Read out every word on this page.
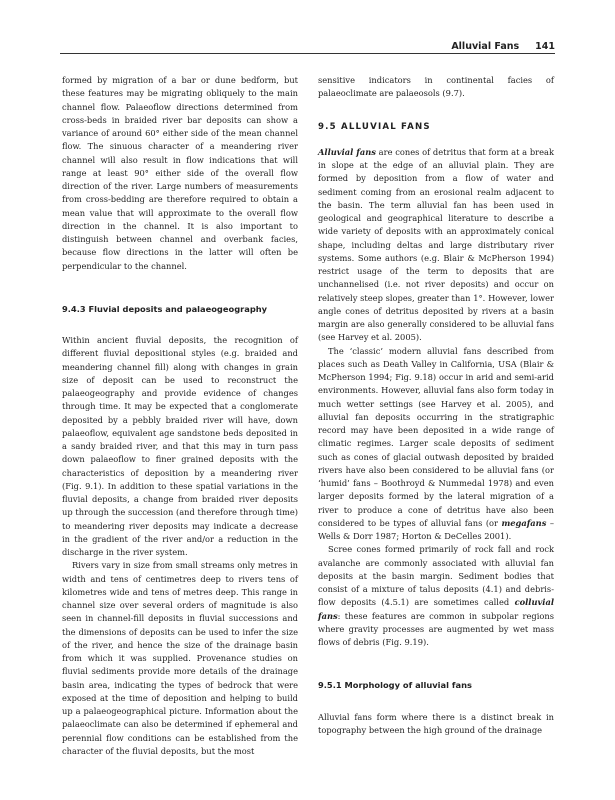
Alluvial Fans 141

formed by migration of a bar or dune bedform, but these features may be migrating obliquely to the main channel flow. Palaeoflow directions determined from cross-beds in braided river bar deposits can show a variance of around 60° either side of the mean channel flow. The sinuous character of a meandering river channel will also result in flow indications that will range at least 90° either side of the overall flow direction of the river. Large numbers of measurements from cross-bedding are therefore required to obtain a mean value that will approximate to the overall flow direction in the channel. It is also important to distinguish between channel and overbank facies, because flow directions in the latter will often be perpendicular to the channel.

9.4.3 Fluvial deposits and palaeogeography

Within ancient fluvial deposits, the recognition of different fluvial depositional styles (e.g. braided and meandering channel fill) along with changes in grain size of deposit can be used to reconstruct the palaeogeography and provide evidence of changes through time. It may be expected that a conglomerate deposited by a pebbly braided river will have, down palaeoflow, equivalent age sandstone beds deposited in a sandy braided river, and that this may in turn pass down palaeoflow to finer grained deposits with the characteristics of deposition by a meandering river (Fig. 9.1). In addition to these spatial variations in the fluvial deposits, a change from braided river deposits up through the succession (and therefore through time) to meandering river deposits may indicate a decrease in the gradient of the river and/or a reduction in the discharge in the river system.

Rivers vary in size from small streams only metres in width and tens of centimetres deep to rivers tens of kilometres wide and tens of metres deep. This range in channel size over several orders of magnitude is also seen in channel-fill deposits in fluvial successions and the dimensions of deposits can be used to infer the size of the river, and hence the size of the drainage basin from which it was supplied. Provenance studies on fluvial sediments provide more details of the drainage basin area, indicating the types of bedrock that were exposed at the time of deposition and helping to build up a palaeogeographical picture. Information about the palaeoclimate can also be determined if ephemeral and perennial flow conditions can be established from the character of the fluvial deposits, but the most

sensitive indicators in continental facies of palaeoclimate are palaeosols (9.7).

9.5 ALLUVIAL FANS

Alluvial fans are cones of detritus that form at a break in slope at the edge of an alluvial plain. They are formed by deposition from a flow of water and sediment coming from an erosional realm adjacent to the basin. The term alluvial fan has been used in geological and geographical literature to describe a wide variety of deposits with an approximately conical shape, including deltas and large distributary river systems. Some authors (e.g. Blair & McPherson 1994) restrict usage of the term to deposits that are unchannelised (i.e. not river deposits) and occur on relatively steep slopes, greater than 1°. However, lower angle cones of detritus deposited by rivers at a basin margin are also generally considered to be alluvial fans (see Harvey et al. 2005).

The ‘classic’ modern alluvial fans described from places such as Death Valley in California, USA (Blair & McPherson 1994; Fig. 9.18) occur in arid and semi-arid environments. However, alluvial fans also form today in much wetter settings (see Harvey et al. 2005), and alluvial fan deposits occurring in the stratigraphic record may have been deposited in a wide range of climatic regimes. Larger scale deposits of sediment such as cones of glacial outwash deposited by braided rivers have also been considered to be alluvial fans (or ‘humid’ fans – Boothroyd & Nummedal 1978) and even larger deposits formed by the lateral migration of a river to produce a cone of detritus have also been considered to be types of alluvial fans (or megafans – Wells & Dorr 1987; Horton & DeCelles 2001).

Scree cones formed primarily of rock fall and rock avalanche are commonly associated with alluvial fan deposits at the basin margin. Sediment bodies that consist of a mixture of talus deposits (4.1) and debris-flow deposits (4.5.1) are sometimes called colluvial fans: these features are common in subpolar regions where gravity processes are augmented by wet mass flows of debris (Fig. 9.19).

9.5.1 Morphology of alluvial fans

Alluvial fans form where there is a distinct break in topography between the high ground of the drainage
